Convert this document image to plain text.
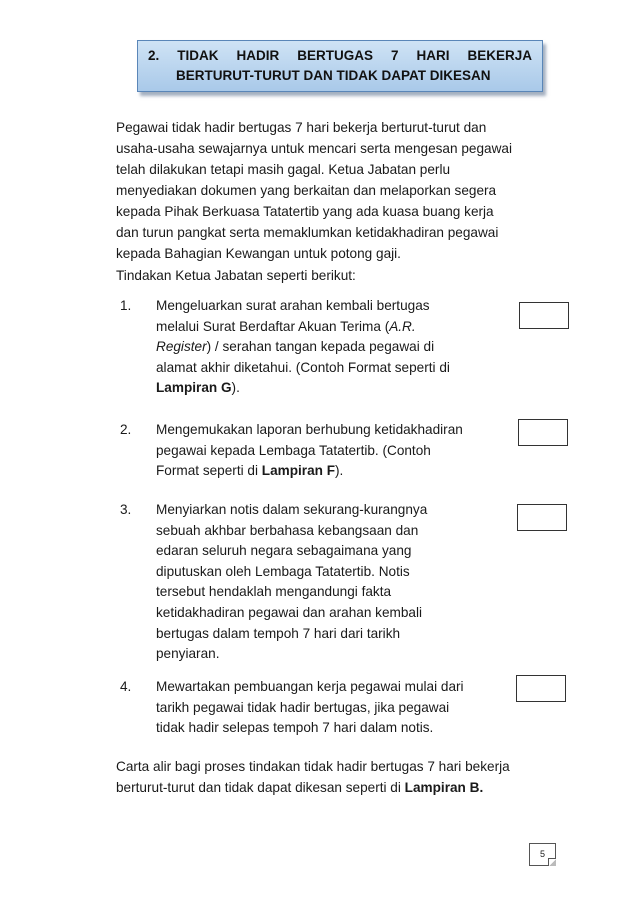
2. TIDAK HADIR BERTUGAS 7 HARI BEKERJA
BERTURUT-TURUT DAN TIDAK DAPAT DIKESAN
Pegawai tidak hadir bertugas 7 hari bekerja berturut-turut dan
usaha-usaha sewajarnya untuk mencari serta mengesan pegawai
telah dilakukan tetapi masih gagal. Ketua Jabatan perlu
menyediakan dokumen yang berkaitan dan melaporkan segera
kepada Pihak Berkuasa Tatatertib yang ada kuasa buang kerja
dan turun pangkat serta memaklumkan ketidakhadiran pegawai
kepada Bahagian Kewangan untuk potong gaji.
Tindakan Ketua Jabatan seperti berikut:
1. Mengeluarkan surat arahan kembali bertugas
melalui Surat Berdaftar Akuan Terima (A.R.
Register) / serahan tangan kepada pegawai di
alamat akhir diketahui. (Contoh Format seperti di
Lampiran G).
2. Mengemukakan laporan berhubung ketidakhadiran
pegawai kepada Lembaga Tatatertib. (Contoh
Format seperti di Lampiran F).
3. Menyiarkan notis dalam sekurang-kurangnya
sebuah akhbar berbahasa kebangsaan dan
edaran seluruh negara sebagaimana yang
diputuskan oleh Lembaga Tatatertib. Notis
tersebut hendaklah mengandungi fakta
ketidakhadiran pegawai dan arahan kembali
bertugas dalam tempoh 7 hari dari tarikh
penyiaran.
4. Mewartakan pembuangan kerja pegawai mulai dari
tarikh pegawai tidak hadir bertugas, jika pegawai
tidak hadir selepas tempoh 7 hari dalam notis.
Carta alir bagi proses tindakan tidak hadir bertugas 7 hari bekerja
berturut-turut dan tidak dapat dikesan seperti di Lampiran B.
5
